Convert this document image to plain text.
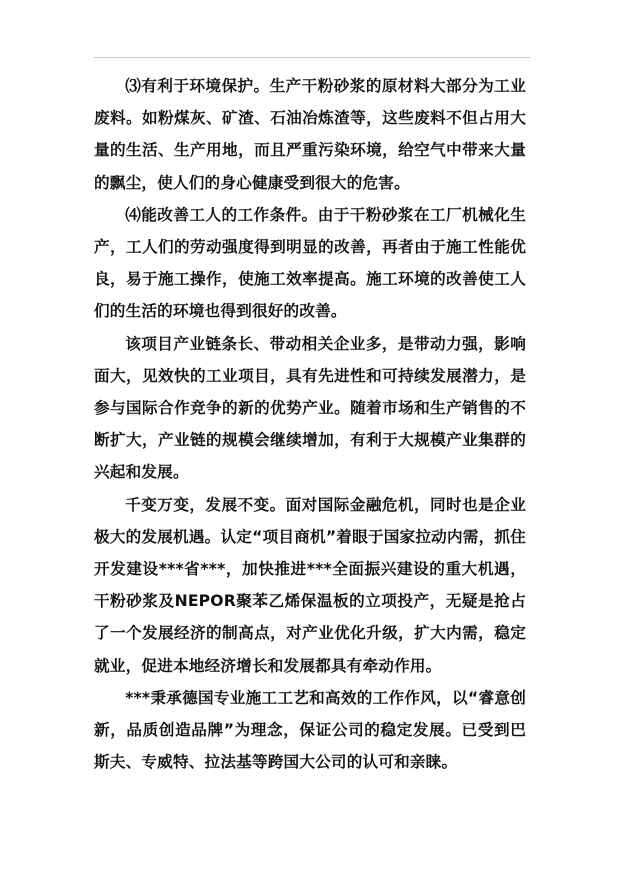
⑶有利于环境保护。生产干粉砂浆的原材料大部分为工业废料。如粉煤灰、矿渣、石油冶炼渣等，这些废料不但占用大量的生活、生产用地，而且严重污染环境，给空气中带来大量的飘尘，使人们的身心健康受到很大的危害。

⑷能改善工人的工作条件。由于干粉砂浆在工厂机械化生产，工人们的劳动强度得到明显的改善，再者由于施工性能优良，易于施工操作，使施工效率提高。施工环境的改善使工人们的生活的环境也得到很好的改善。

该项目产业链条长、带动相关企业多，是带动力强，影响面大，见效快的工业项目，具有先进性和可持续发展潜力，是参与国际合作竞争的新的优势产业。随着市场和生产销售的不断扩大，产业链的规模会继续增加，有利于大规模产业集群的兴起和发展。

千变万变，发展不变。面对国际金融危机，同时也是企业极大的发展机遇。认定“项目商机”着眼于国家拉动内需，抓住开发建设***省***，加快推进***全面振兴建设的重大机遇，干粉砂浆及NEPOR聚苯乙烯保温板的立项投产，无疑是抢占了一个发展经济的制高点，对产业优化升级，扩大内需，稳定就业，促进本地经济增长和发展都具有牵动作用。

***秉承德国专业施工工艺和高效的工作作风，以“睿意创新，品质创造品牌”为理念，保证公司的稳定发展。已受到巴斯夫、专威特、拉法基等跨国大公司的认可和亲睐。
